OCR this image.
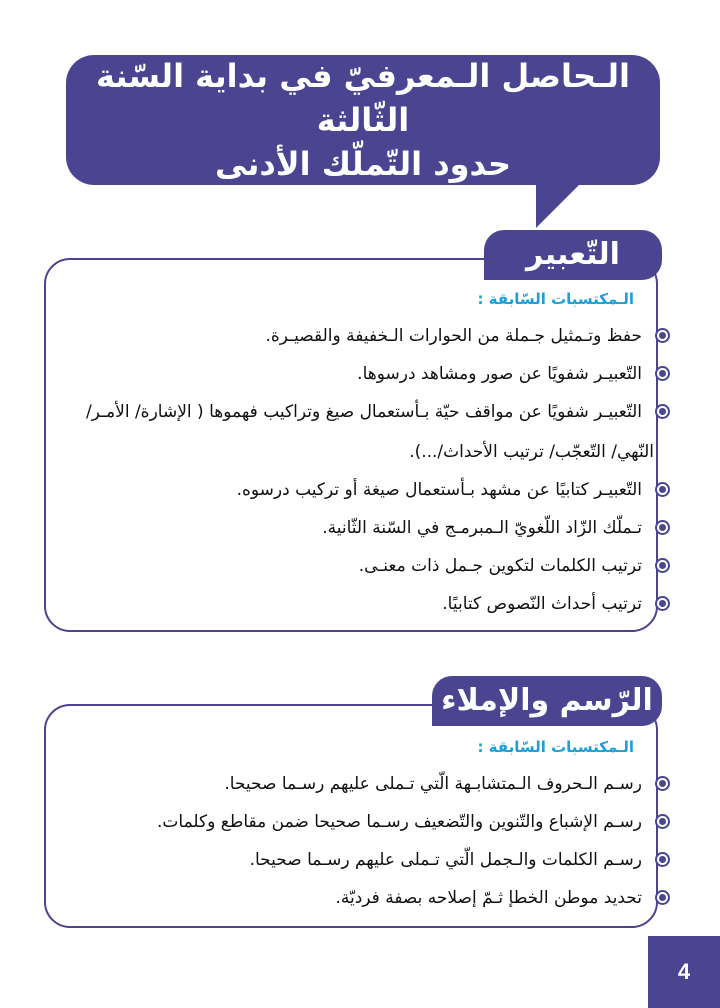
الـحاصل الـمعرفيّ في بداية السّنة الثّالثة
حدود التّملّك الأدنى
التّعبير
الـمكتسبات السّابقة :
حفظ وتـمثيل جـملة من الحوارات الـخفيفة والقصيـرة.
التّعبيـر شفويًا عن صور ومشاهد درسوها.
التّعبيـر شفويًا عن مواقف حيّة بـأستعمال صيغ وتراكيب فهموها ( الإشارة/ الأمـر/
النّهي/ التّعجّب/ ترتيب الأحداث/...).
التّعبيـر كتابيًا عن مشهد بـأستعمال صيغة أو تركيب درسوه.
تـملّك الزّاد اللّغويّ الـمبرمـج في السّنة الثّانية.
ترتيب الكلمات لتكوين جـمل ذات معنـى.
ترتيب أحداث النّصوص كتابيًا.
الرّسم والإملاء
الـمكتسبات السّابقة :
رسـم الـحروف الـمتشابـهة الّتي تـملى عليهم رسـما صحيحا.
رسـم الإشباع والتّنوين والتّضعيف رسـما صحيحا ضمن مقاطع وكلمات.
رسـم الكلمات والـجمل الّتي تـملى عليهم رسـما صحيحا.
تحديد موطن الخطإ ثـمّ إصلاحه بصفة فرديّة.
4
